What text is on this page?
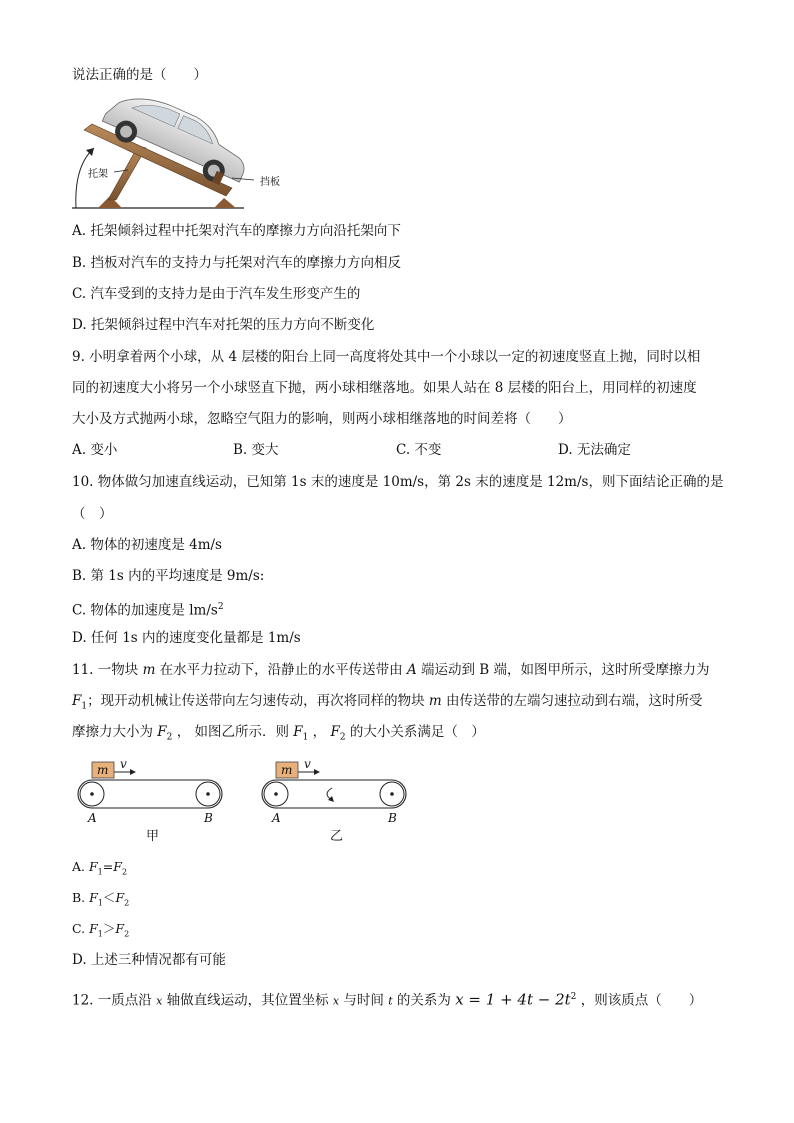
说法正确的是（　　）
托架
挡板
A. 托架倾斜过程中托架对汽车的摩擦力方向沿托架向下
B. 挡板对汽车的支持力与托架对汽车的摩擦力方向相反
C. 汽车受到的支持力是由于汽车发生形变产生的
D. 托架倾斜过程中汽车对托架的压力方向不断变化
9. 小明拿着两个小球，从 4 层楼的阳台上同一高度将处其中一个小球以一定的初速度竖直上抛，同时以相
同的初速度大小将另一个小球竖直下抛，两小球相继落地。如果人站在 8 层楼的阳台上，用同样的初速度
大小及方式抛两小球，忽略空气阻力的影响，则两小球相继落地的时间差将（　　）
A. 变小	B. 变大	C. 不变	D. 无法确定
10. 物体做匀加速直线运动，已知第 1s 末的速度是 10m/s，第 2s 末的速度是 12m/s，则下面结论正确的是
（　）
A. 物体的初速度是 4m/s
B. 第 1s 内的平均速度是 9m/s:
C. 物体的加速度是 $lm/s^2$
D. 任何 1s 内的速度变化量都是 1m/s
11. 一物块 m 在水平力拉动下，沿静止的水平传送带由 A 端运动到 B 端，如图甲所示，这时所受摩擦力为
$F_1$；现开动机械让传送带向左匀速传动，再次将同样的物块 m 由传送带的左端匀速拉动到右端，这时所受
摩擦力大小为 $F_2$ ， 如图乙所示．则 $F_1$ ， $F_2$ 的大小关系满足（　）
m v
A	B
甲
m v
A	B
乙
A. $F_1=F_2$
B. $F_1<F_2$
C. $F_1>F_2$
D. 上述三种情况都有可能
12. 一质点沿 x 轴做直线运动，其位置坐标 x 与时间 t 的关系为 $x = 1 + 4t - 2t^2$ ，则该质点（　　）
